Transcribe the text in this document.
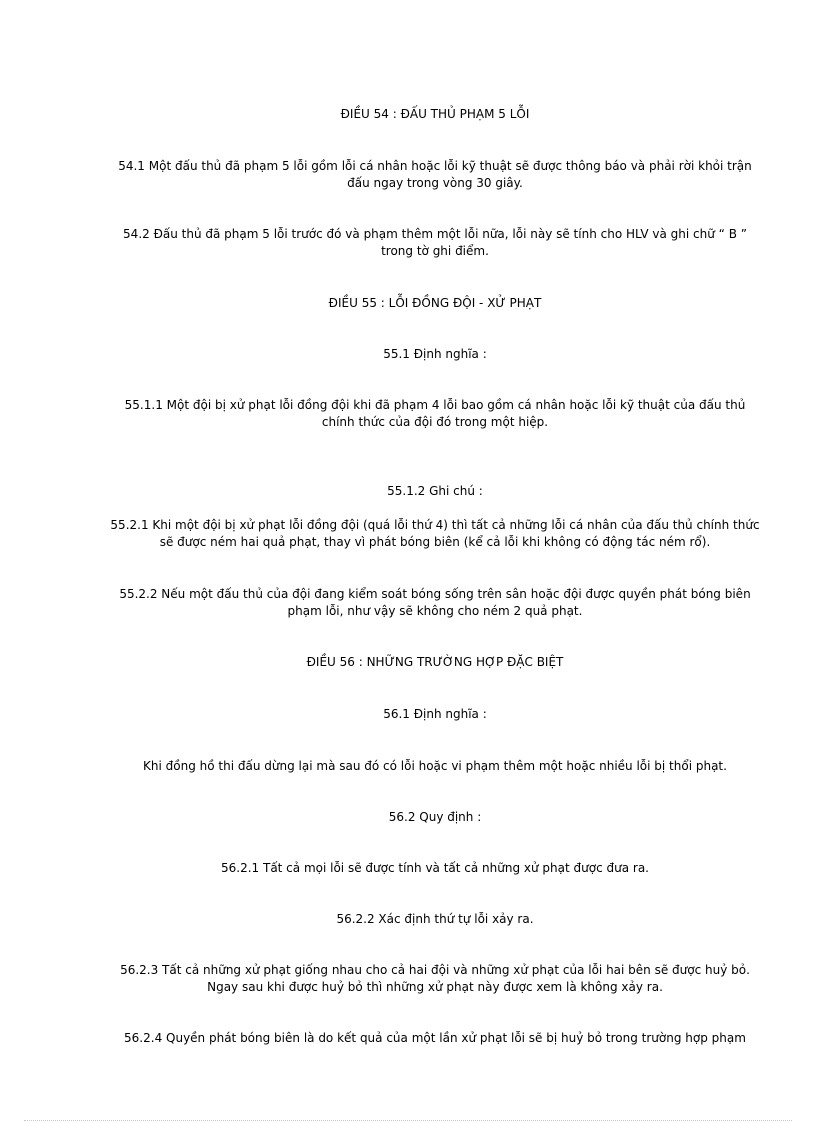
ĐIỀU 54 : ĐẤU THỦ PHẠM 5 LỖI
54.1 Một đấu thủ đã phạm 5 lỗi gồm lỗi cá nhân hoặc lỗi kỹ thuật sẽ được thông báo và phải rời khỏi trận đấu ngay trong vòng 30 giây.
54.2 Đấu thủ đã phạm 5 lỗi trước đó và phạm thêm một lỗi nữa, lỗi này sẽ tính cho HLV và ghi chữ “ B ” trong tờ ghi điểm.
ĐIỀU 55 : LỖI ĐỒNG ĐỘI - XỬ PHẠT
55.1 Định nghĩa :
55.1.1 Một đội bị xử phạt lỗi đồng đội khi đã phạm 4 lỗi bao gồm cá nhân hoặc lỗi kỹ thuật của đấu thủ chính thức của đội đó trong một hiệp.
55.1.2 Ghi chú :
55.2.1 Khi một đội bị xử phạt lỗi đồng đội (quá lỗi thứ 4) thì tất cả những lỗi cá nhân của đấu thủ chính thức sẽ được ném hai quả phạt, thay vì phát bóng biên (kể cả lỗi khi không có động tác ném rổ).
55.2.2 Nếu một đấu thủ của đội đang kiểm soát bóng sống trên sân hoặc đội được quyền phát bóng biên phạm lỗi, như vậy sẽ không cho ném 2 quả phạt.
ĐIỀU 56 : NHỮNG TRƯỜNG HỢP ĐẶC BIỆT
56.1 Định nghĩa :
Khi đồng hồ thi đấu dừng lại mà sau đó có lỗi hoặc vi phạm thêm một hoặc nhiều lỗi bị thổi phạt.
56.2 Quy định :
56.2.1 Tất cả mọi lỗi sẽ được tính và tất cả những xử phạt được đưa ra.
56.2.2 Xác định thứ tự lỗi xảy ra.
56.2.3 Tất cả những xử phạt giống nhau cho cả hai đội và những xử phạt của lỗi hai bên sẽ được huỷ bỏ. Ngay sau khi được huỷ bỏ thì những xử phạt này được xem là không xảy ra.
56.2.4 Quyền phát bóng biên là do kết quả của một lần xử phạt lỗi sẽ bị huỷ bỏ trong trường hợp phạm
